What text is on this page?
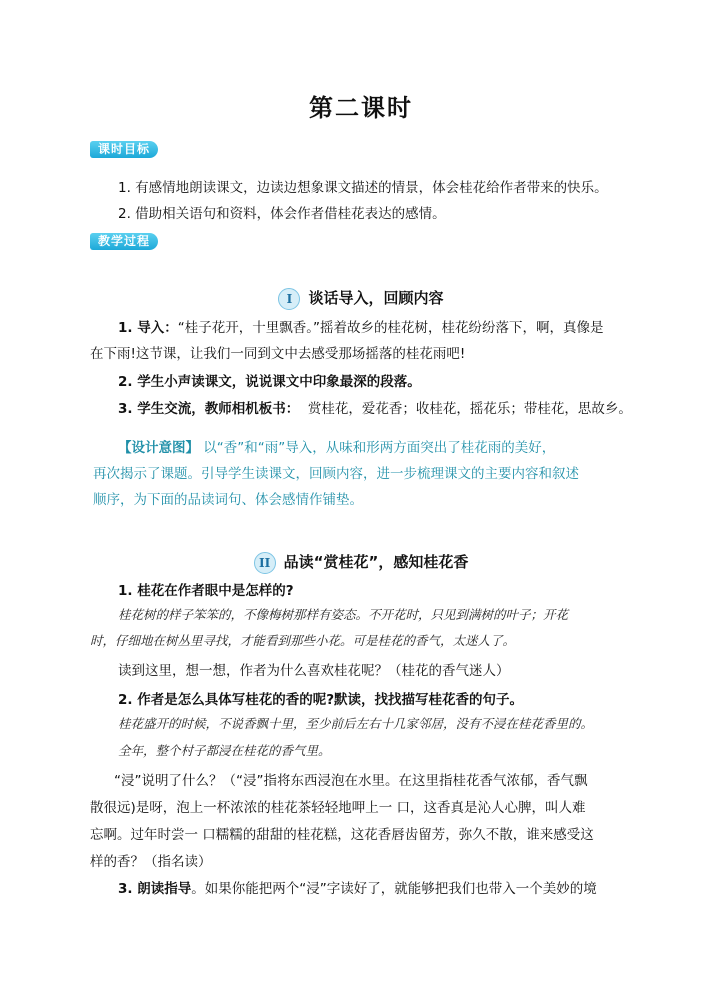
第二课时
课时目标
1. 有感情地朗读课文，边读边想象课文描述的情景，体会桂花给作者带来的快乐。
2. 借助相关语句和资料，体会作者借桂花表达的感情。
教学过程
I 谈话导入，回顾内容
1. 导入：“桂子花开，十里飘香。”摇着故乡的桂花树，桂花纷纷落下，啊，真像是
在下雨!这节课，让我们一同到文中去感受那场摇落的桂花雨吧!
2. 学生小声读课文，说说课文中印象最深的段落。
3. 学生交流，教师相机板书： 赏桂花，爱花香；收桂花，摇花乐；带桂花，思故乡。
【设计意图】 以“香”和“雨”导入，从味和形两方面突出了桂花雨的美好，
再次揭示了课题。引导学生读课文，回顾内容，进一步梳理课文的主要内容和叙述
顺序，为下面的品读词句、体会感情作铺垫。
II 品读“赏桂花”，感知桂花香
1. 桂花在作者眼中是怎样的?
桂花树的样子笨笨的，不像梅树那样有姿态。不开花时，只见到满树的叶子；开花
时，仔细地在树丛里寻找，才能看到那些小花。可是桂花的香气，太迷人了。
读到这里，想一想，作者为什么喜欢桂花呢？（桂花的香气迷人）
2. 作者是怎么具体写桂花的香的呢?默读，找找描写桂花香的句子。
桂花盛开的时候，不说香飘十里，至少前后左右十几家邻居，没有不浸在桂花香里的。
全年，整个村子都浸在桂花的香气里。
“浸”说明了什么？（“浸”指将东西浸泡在水里。在这里指桂花香气浓郁，香气飘
散很远)是呀，泡上一杯浓浓的桂花茶轻轻地呷上一 口，这香真是沁人心脾，叫人难
忘啊。过年时尝一 口糯糯的甜甜的桂花糕，这花香唇齿留芳，弥久不散，谁来感受这
样的香？（指名读）
3. 朗读指导。如果你能把两个“浸”字读好了，就能够把我们也带入一个美妙的境
